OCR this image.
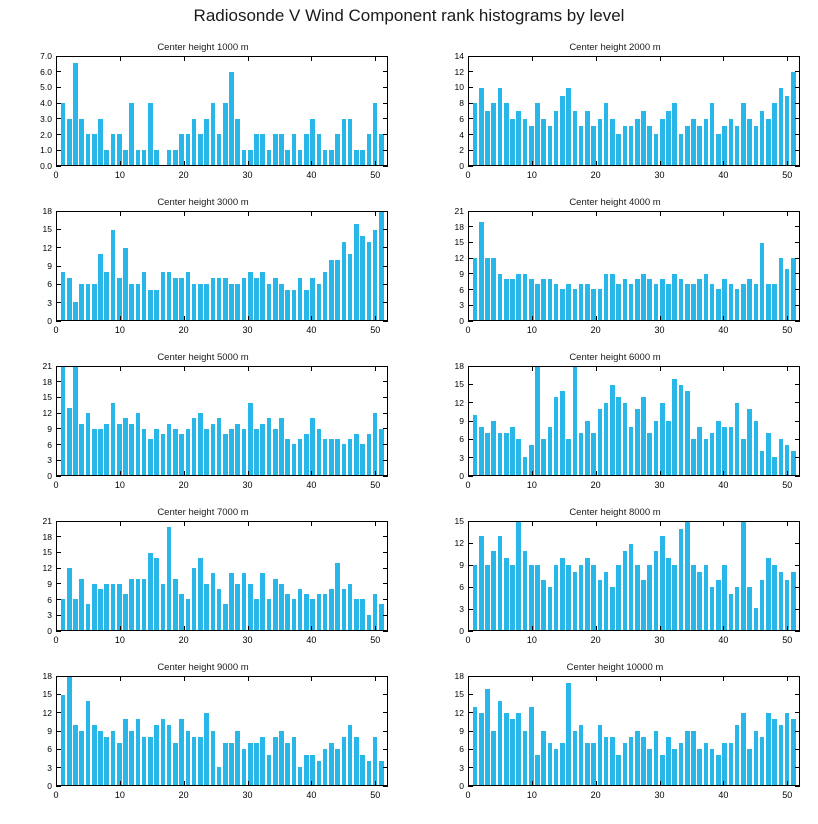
Radiosonde V Wind Component rank histograms by level
Center height 1000 m
0.0
1.0
2.0
3.0
4.0
5.0
6.0
7.0
0	10	20	30	40	50
Center height 2000 m
0
2
4
6
8
10
12
14
0	10	20	30	40	50
Center height 3000 m
0
3
6
9
12
15
18
0	10	20	30	40	50
Center height 4000 m
0
3
6
9
12
15
18
21
0	10	20	30	40	50
Center height 5000 m
0
3
6
9
12
15
18
21
0	10	20	30	40	50
Center height 6000 m
0
3
6
9
12
15
18
0	10	20	30	40	50
Center height 7000 m
0
3
6
9
12
15
18
21
0	10	20	30	40	50
Center height 8000 m
0
3
6
9
12
15
0	10	20	30	40	50
Center height 9000 m
0
3
6
9
12
15
18
0	10	20	30	40	50
Center height 10000 m
0
3
6
9
12
15
18
0	10	20	30	40	50
